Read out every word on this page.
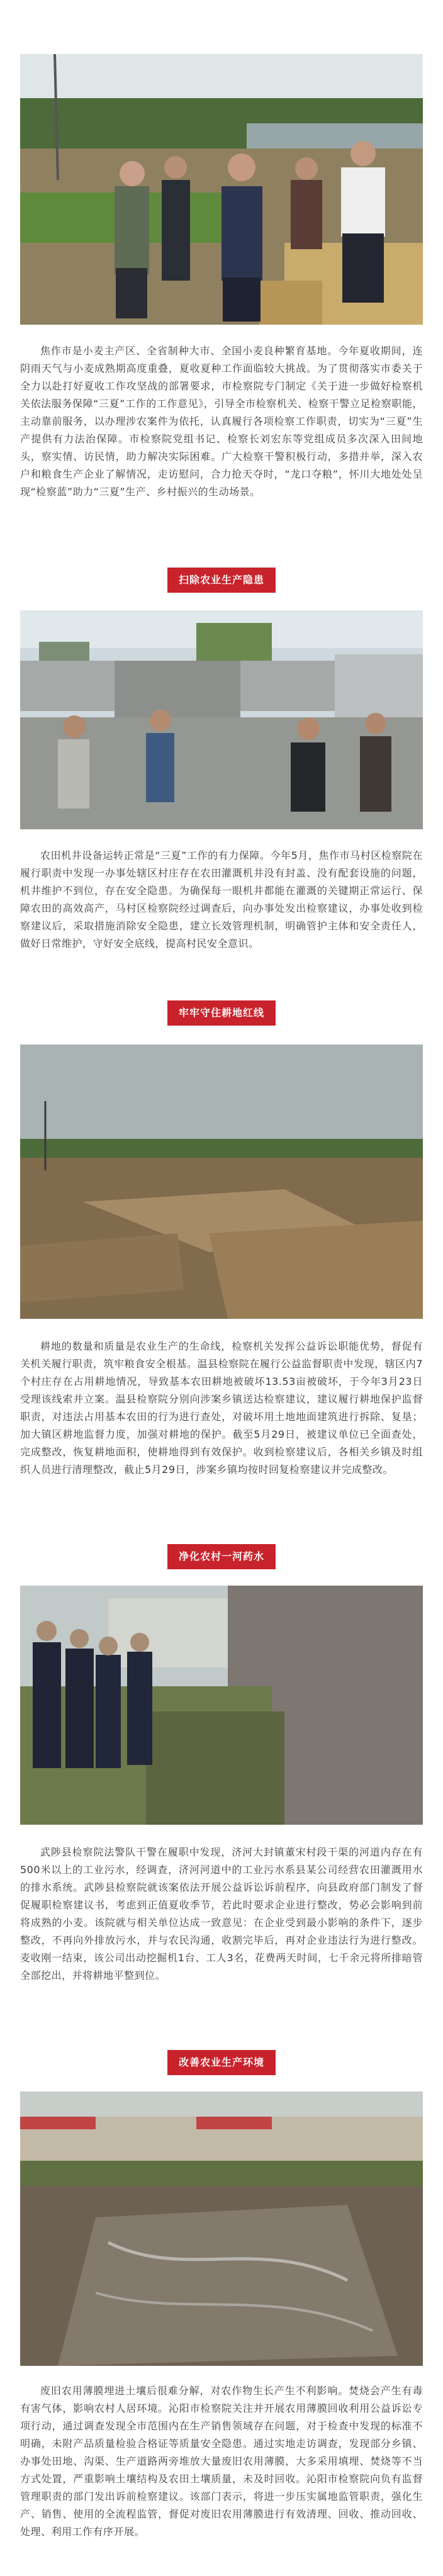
焦作市是小麦主产区、全省制种大市、全国小麦良种繁育基地。今年夏收期间，连阴雨天气与小麦成熟期高度重叠，夏收夏种工作面临较大挑战。为了贯彻落实市委关于全力以赴打好夏收工作攻坚战的部署要求，市检察院专门制定《关于进一步做好检察机关依法服务保障“三夏”工作的工作意见》，引导全市检察机关、检察干警立足检察职能，主动靠前服务，以办理涉农案件为依托，认真履行各项检察工作职责，切实为“三夏”生产提供有力法治保障。市检察院党组书记、检察长刘宏东等党组成员多次深入田间地头，察实情、访民情，助力解决实际困难。广大检察干警积极行动，多措并举，深入农户和粮食生产企业了解情况，走访慰问，合力抢天夺时，“龙口夺粮”，怀川大地处处呈现“检察蓝”助力“三夏”生产、乡村振兴的生动场景。

扫除农业生产隐患

农田机井设备运转正常是“三夏”工作的有力保障。今年5月，焦作市马村区检察院在履行职责中发现一办事处辖区村庄存在农田灌溉机井没有封盖、没有配套设施的问题，机井维护不到位，存在安全隐患。为确保每一眼机井都能在灌溉的关键期正常运行、保障农田的高效高产，马村区检察院经过调查后，向办事处发出检察建议，办事处收到检察建议后，采取措施消除安全隐患，建立长效管理机制，明确管护主体和安全责任人，做好日常维护，守好安全底线，提高村民安全意识。

牢牢守住耕地红线

耕地的数量和质量是农业生产的生命线，检察机关发挥公益诉讼职能优势，督促有关机关履行职责，筑牢粮食安全根基。温县检察院在履行公益监督职责中发现，辖区内7个村庄存在占用耕地情况，导致基本农田耕地被破坏13.53亩被破坏，于今年3月23日受理该线索并立案。温县检察院分别向涉案乡镇送达检察建议，建议履行耕地保护监督职责，对违法占用基本农田的行为进行查处，对破坏用土地地面建筑进行拆除、复垦；加大镇区耕地监督力度，加强对耕地的保护。截至5月29日，被建议单位已全面查处，完成整改，恢复耕地面积，使耕地得到有效保护。收到检察建议后，各相关乡镇及时组织人员进行清理整改，截止5月29日，涉案乡镇均按时回复检察建议并完成整改。

净化农村一河药水

武陟县检察院法警队干警在履职中发现，济河大封镇董宋村段干渠的河道内存在有500米以上的工业污水，经调查，济河河道中的工业污水系县某公司经营农田灌溉用水的排水系统。武陟县检察院就该案依法开展公益诉讼诉前程序，向县政府部门制发了督促履职检察建议书，考虑到正值夏收季节，若此时要求企业进行整改，势必会影响到前将成熟的小麦。该院就与相关单位达成一致意见：在企业受到最小影响的条件下，逐步整改，不再向外排放污水，并与农民沟通，收割完毕后，再对企业违法行为进行整改。麦收刚一结束，该公司出动挖掘机1台、工人3名，花费两天时间，七千余元将所排暗管全部挖出，并将耕地平整到位。

改善农业生产环境

废旧农用薄膜埋进土壤后很难分解，对农作物生长产生不利影响。焚烧会产生有毒有害气体，影响农村人居环境。沁阳市检察院关注并开展农用薄膜回收利用公益诉讼专项行动，通过调查发现全市范围内在生产销售领域存在问题，对于检查中发现的标准不明确，未附产品质量检验合格证等质量安全隐患。通过实地走访调查，发现部分乡镇、办事处田地、沟渠、生产道路两旁堆放大量废旧农用薄膜，大多采用填埋、焚烧等不当方式处置，严重影响土壤结构及农田土壤质量，未及时回收。沁阳市检察院向负有监督管理职责的部门发出诉前检察建议。该部门表示，将进一步压实属地监管职责，强化生产、销售、使用的全流程监管，督促对废旧农用薄膜进行有效清理、回收、推动回收、处理、利用工作有序开展。
